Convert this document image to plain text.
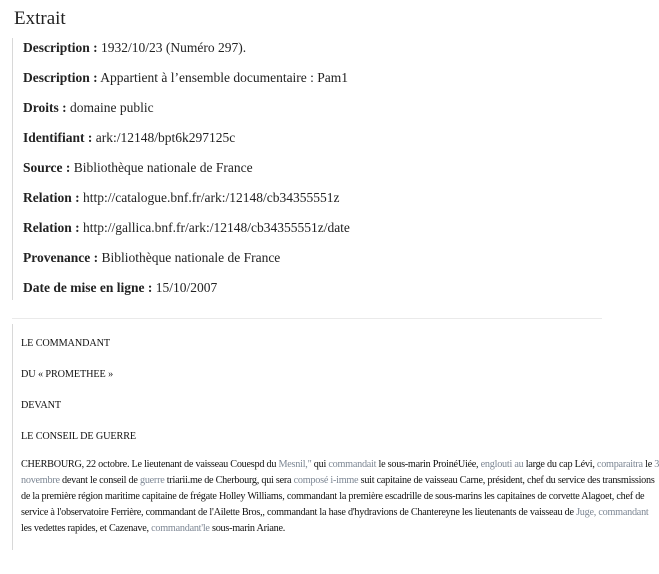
Extrait
Description : 1932/10/23 (Numéro 297).
Description : Appartient à l’ensemble documentaire : Pam1
Droits : domaine public
Identifiant : ark:/12148/bpt6k297125c
Source : Bibliothèque nationale de France
Relation : http://catalogue.bnf.fr/ark:/12148/cb34355551z
Relation : http://gallica.bnf.fr/ark:/12148/cb34355551z/date
Provenance : Bibliothèque nationale de France
Date de mise en ligne : 15/10/2007
LE COMMANDANT
DU « PROMETHEE »
DEVANT
LE CONSEIL DE GUERRE
CHERBOURG, 22 octobre. Le lieutenant de vaisseau Couespd du Mesnil," qui commandait le sous-marin ProinéUiée, englouti au large du cap Lévi, comparaitra le 3
novembre devant le conseil de guerre triarii.me de Cherbourg, qui sera composé i-imme suit capitaine de vaisseau Carne, président, chef du service des transmissions
de la première région maritime capitaine de frégate Holley Williams, commandant la première escadrille de sous-marins les capitaines de corvette Alagoet, chef de
service à l'observatoire Ferrière, commandant de l'Ailette Bros,, commandant la hase d'hydravions de Chantereyne les lieutenants de vaisseau de Juge, commandant
les vedettes rapides, et Cazenave, commandant'le sous-marin Ariane.
